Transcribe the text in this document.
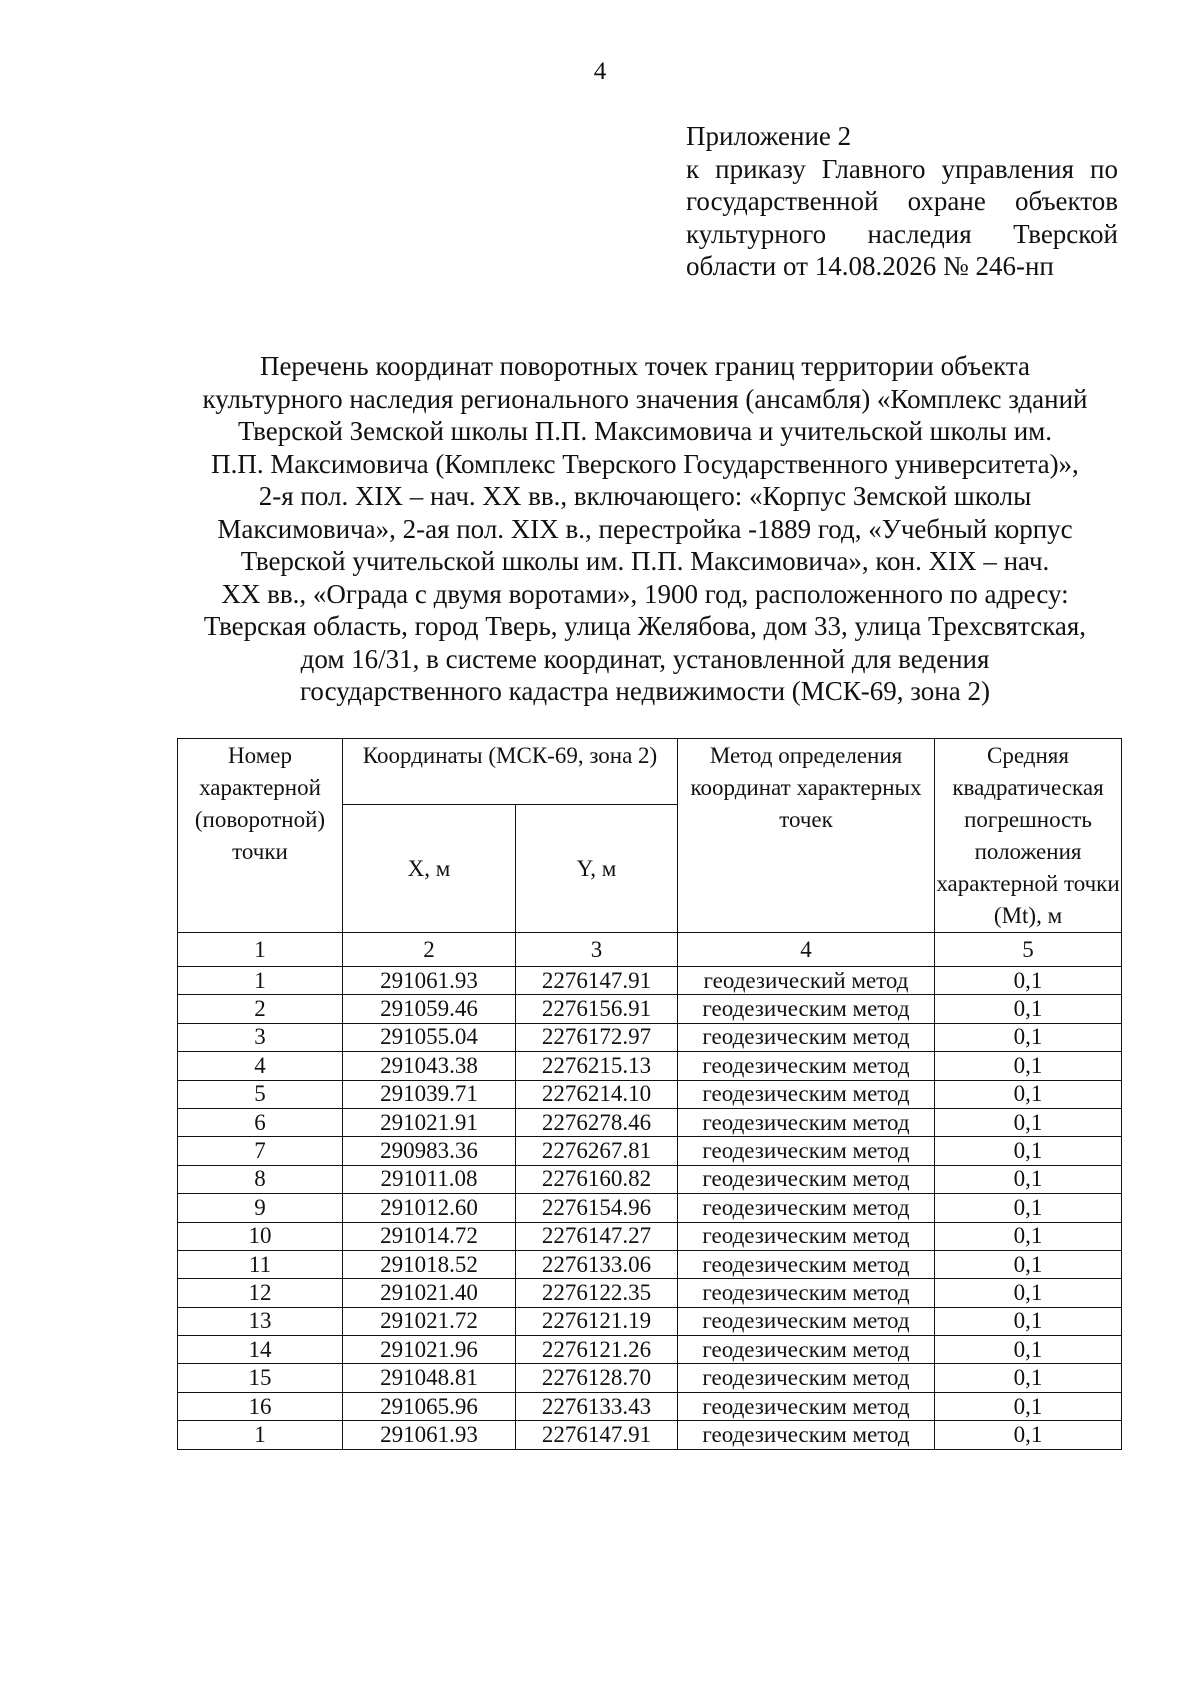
4
Приложение 2
к приказу Главного управления по государственной охране объектов культурного наследия Тверской области от 14.08.2026 № 246-нп
Перечень координат поворотных точек границ территории объекта
культурного наследия регионального значения (ансамбля) «Комплекс зданий
Тверской Земской школы П.П. Максимовича и учительской школы им.
П.П. Максимовича (Комплекс Тверского Государственного университета)»,
2-я пол. XIX – нач. XX вв., включающего: «Корпус Земской школы
Максимовича», 2-ая пол. XIX в., перестройка -1889 год, «Учебный корпус
Тверской учительской школы им. П.П. Максимовича», кон. XIX – нач.
XX вв., «Ограда с двумя воротами», 1900 год, расположенного по адресу:
Тверская область, город Тверь, улица Желябова, дом 33, улица Трехсвятская,
дом 16/31, в системе координат, установленной для ведения
государственного кадастра недвижимости (МСК-69, зона 2)
Номер характерной (поворотной) точки	Координаты (МСК-69, зона 2)		Метод определения координат характерных точек	Средняя квадратическая погрешность положения характерной точки (Mt), м
	X, м	Y, м		
1	2	3	4	5
1	291061.93	2276147.91	геодезический метод	0,1
2	291059.46	2276156.91	геодезическим метод	0,1
3	291055.04	2276172.97	геодезическим метод	0,1
4	291043.38	2276215.13	геодезическим метод	0,1
5	291039.71	2276214.10	геодезическим метод	0,1
6	291021.91	2276278.46	геодезическим метод	0,1
7	290983.36	2276267.81	геодезическим метод	0,1
8	291011.08	2276160.82	геодезическим метод	0,1
9	291012.60	2276154.96	геодезическим метод	0,1
10	291014.72	2276147.27	геодезическим метод	0,1
11	291018.52	2276133.06	геодезическим метод	0,1
12	291021.40	2276122.35	геодезическим метод	0,1
13	291021.72	2276121.19	геодезическим метод	0,1
14	291021.96	2276121.26	геодезическим метод	0,1
15	291048.81	2276128.70	геодезическим метод	0,1
16	291065.96	2276133.43	геодезическим метод	0,1
1	291061.93	2276147.91	геодезическим метод	0,1
